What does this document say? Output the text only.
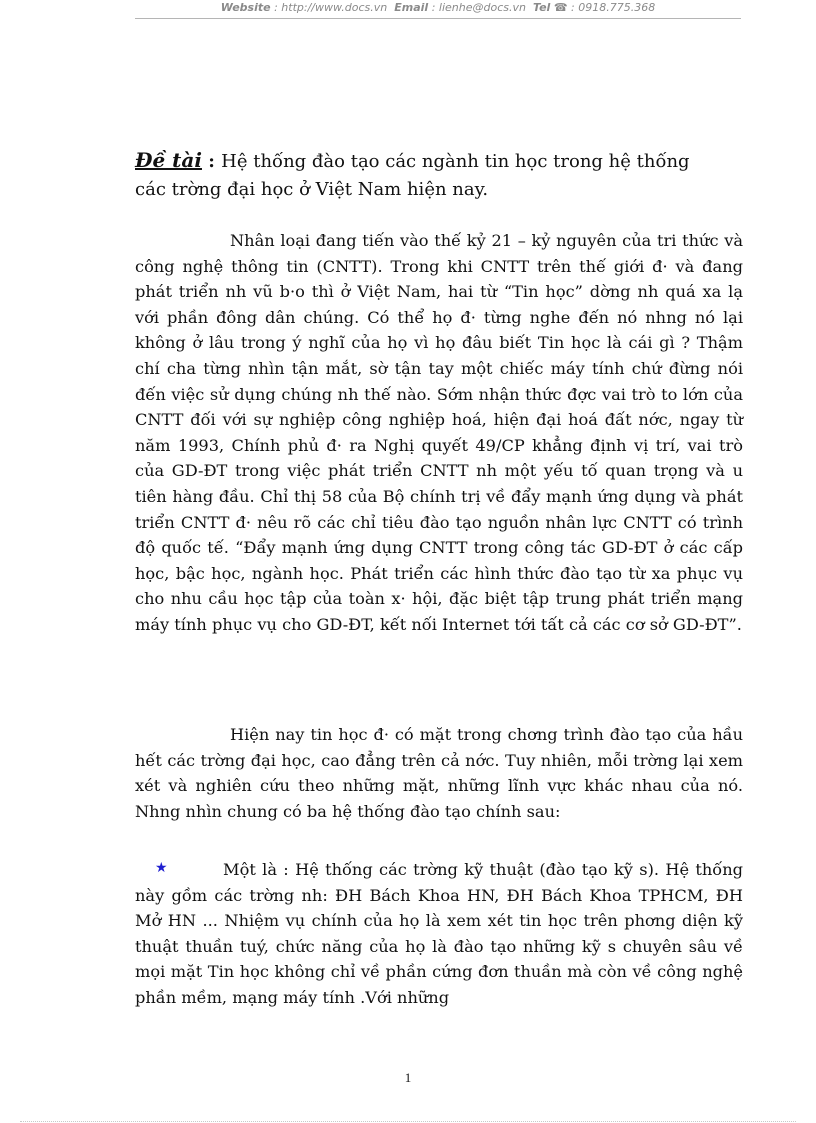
Website : http://www.docs.vn Email : lienhe@docs.vn Tel ☎ : 0918.775.368
Đề tài : Hệ thống đào tạo các ngành tin học trong hệ thống
các trờng đại học ở Việt Nam hiện nay.
Nhân loại đang tiến vào thế kỷ 21 – kỷ nguyên của tri thức và công nghệ thông tin (CNTT). Trong khi CNTT trên thế giới đ· và đang phát triển nh vũ b·o thì ở Việt Nam, hai từ “Tin học” dờng nh quá xa lạ với phần đông dân chúng. Có thể họ đ· từng nghe đến nó nhng nó lại không ở lâu trong ý nghĩ của họ vì họ đâu biết Tin học là cái gì ? Thậm chí cha từng nhìn tận mắt, sờ tận tay một chiếc máy tính chứ đừng nói đến việc sử dụng chúng nh thế nào. Sớm nhận thức đợc vai trò to lớn của CNTT đối với sự nghiệp công nghiệp hoá, hiện đại hoá đất nớc, ngay từ năm 1993, Chính phủ đ· ra Nghị quyết 49/CP khẳng định vị trí, vai trò của GD-ĐT trong việc phát triển CNTT nh một yếu tố quan trọng và u tiên hàng đầu. Chỉ thị 58 của Bộ chính trị về đẩy mạnh ứng dụng và phát triển CNTT đ· nêu rõ các chỉ tiêu đào tạo nguồn nhân lực CNTT có trình độ quốc tế. “Đẩy mạnh ứng dụng CNTT trong công tác GD-ĐT ở các cấp học, bậc học, ngành học. Phát triển các hình thức đào tạo từ xa phục vụ cho nhu cầu học tập của toàn x· hội, đặc biệt tập trung phát triển mạng máy tính phục vụ cho GD-ĐT, kết nối Internet tới tất cả các cơ sở GD-ĐT”.
Hiện nay tin học đ· có mặt trong chơng trình đào tạo của hầu hết các trờng đại học, cao đẳng trên cả nớc. Tuy nhiên, mỗi trờng lại xem xét và nghiên cứu theo những mặt, những lĩnh vực khác nhau của nó. Nhng nhìn chung có ba hệ thống đào tạo chính sau:
★	Một là : Hệ thống các trờng kỹ thuật (đào tạo kỹ s). Hệ thống này gồm các trờng nh: ĐH Bách Khoa HN, ĐH Bách Khoa TPHCM, ĐH Mở HN ... Nhiệm vụ chính của họ là xem xét tin học trên phơng diện kỹ thuật thuần tuý, chức năng của họ là đào tạo những kỹ s chuyên sâu về mọi mặt Tin học không chỉ về phần cứng đơn thuần mà còn về công nghệ phần mềm, mạng máy tính .Với những
1
